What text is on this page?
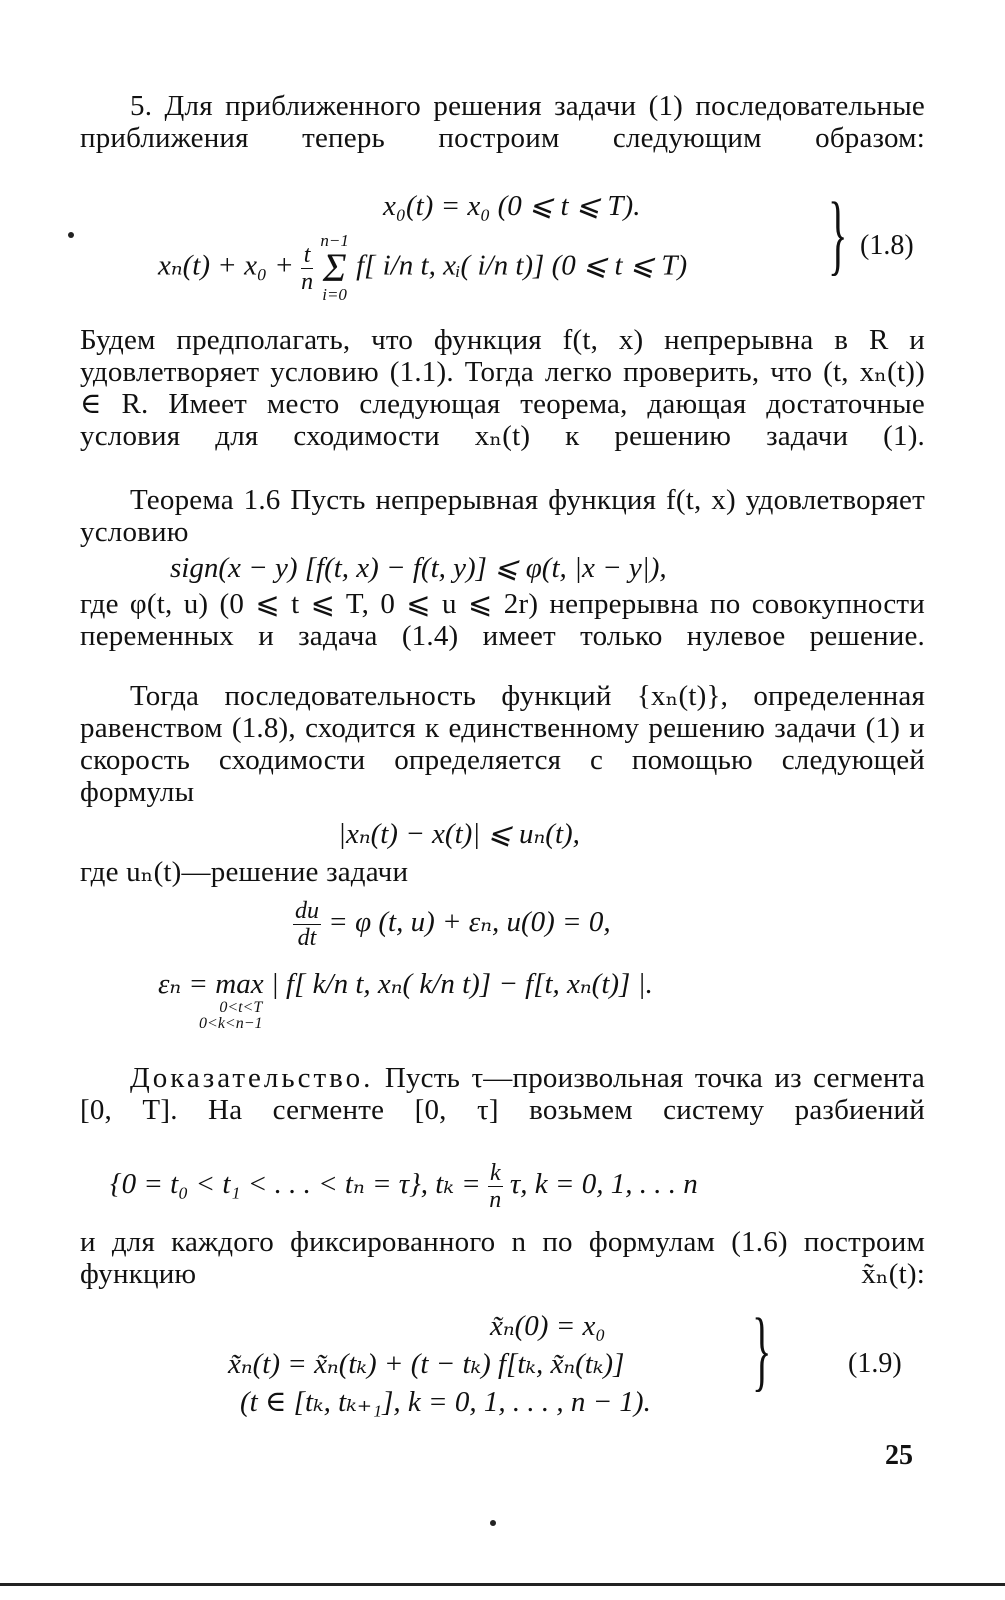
5. Для приближенного решения задачи (1) последовательные приближения теперь построим следующим образом:
x₀(t) = x₀ (0 ⩽ t ⩽ T).
$x_n(t) + x_0 + \frac{t}{n}$

n−1
Σ
i=0
f[ i/n t, xᵢ( i/n t)] (0 ⩽ t ⩽ T) } (1.8)
Будем предполагать, что функция f(t, x) непрерывна в R и удовлетворяет условию (1.1). Тогда легко проверить, что (t, xₙ(t)) ∈ R. Имеет место следующая теорема, дающая достаточные условия для сходимости xₙ(t) к решению задачи (1).
Теорема 1.6 Пусть непрерывная функция f(t, x) удовлетворяет условию
sign(x − y) [f(t, x) − f(t, y)] ⩽ φ(t, |x − y|),
где φ(t, u) (0 ⩽ t ⩽ T, 0 ⩽ u ⩽ 2r) непрерывна по совокупности переменных и задача (1.4) имеет только нулевое решение.
Тогда последовательность функций {xₙ(t)}, определенная равенством (1.8), сходится к единственному решению задачи (1) и скорость сходимости определяется с помощью следующей формулы
|xₙ(t) − x(t)| ⩽ uₙ(t),
где uₙ(t)—решение задачи
$\frac{du}{dt} = \varphi$ (t, u) + εₙ, u(0) = 0,
εₙ = max

0<t<T
0<k<n−1
| f[ k/n t, xₙ( k/n t)] − f[t, xₙ(t)] |.
Доказательство. Пусть τ—произвольная точка из сегмента [0, T]. На сегменте [0, τ] возьмем систему разбиений
{0 = t₀ < t₁ < . . . < tₙ = τ}, $t_k = \frac{k}{n} \tau$, k = 0, 1, . . . n
и для каждого фиксированного n по формулам (1.6) построим функцию x̃ₙ(t):
x̃ₙ(0) = x₀
x̃ₙ(t) = x̃ₙ(tₖ) + (t − tₖ) f[tₖ, x̃ₙ(tₖ)]
(t ∈ [tₖ, tₖ₊₁], k = 0, 1, . . . , n − 1).
}	(1.9)
25
